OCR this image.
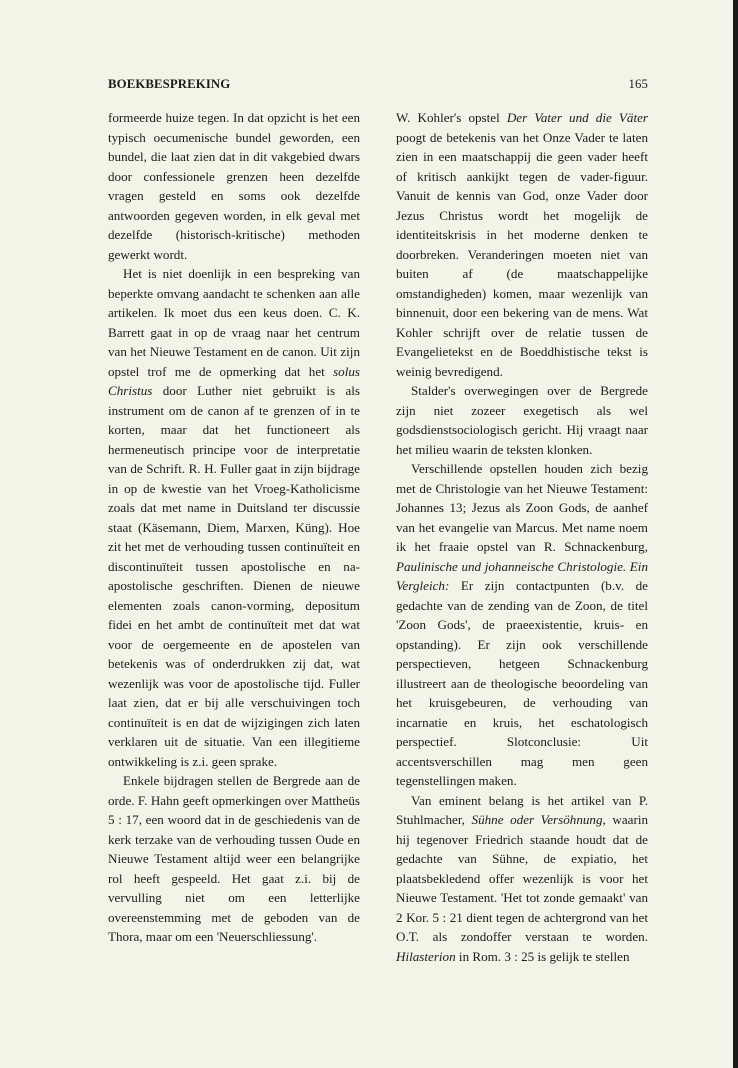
BOEKBESPREKING	165

formeerde huize tegen. In dat opzicht is het een typisch oecumenische bundel geworden, een bundel, die laat zien dat in dit vakgebied dwars door confessionele grenzen heen dezelfde vragen gesteld en soms ook dezelfde antwoorden gegeven worden, in elk geval met dezelfde (historisch-kritische) methoden gewerkt wordt.

Het is niet doenlijk in een bespreking van beperkte omvang aandacht te schenken aan alle artikelen. Ik moet dus een keus doen. C. K. Barrett gaat in op de vraag naar het centrum van het Nieuwe Testament en de canon. Uit zijn opstel trof me de opmerking dat het solus Christus door Luther niet gebruikt is als instrument om de canon af te grenzen of in te korten, maar dat het functioneert als hermeneutisch principe voor de interpretatie van de Schrift. R. H. Fuller gaat in zijn bijdrage in op de kwestie van het Vroeg-Katholicisme zoals dat met name in Duitsland ter discussie staat (Käsemann, Diem, Marxen, Küng). Hoe zit het met de verhouding tussen continuïteit en discontinuïteit tussen apostolische en na-apostolische geschriften. Dienen de nieuwe elementen zoals canon-vorming, depositum fidei en het ambt de continuïteit met dat wat voor de oergemeente en de apostelen van betekenis was of onderdrukken zij dat, wat wezenlijk was voor de apostolische tijd. Fuller laat zien, dat er bij alle verschuivingen toch continuïteit is en dat de wijzigingen zich laten verklaren uit de situatie. Van een illegitieme ontwikkeling is z.i. geen sprake.

Enkele bijdragen stellen de Bergrede aan de orde. F. Hahn geeft opmerkingen over Mattheüs 5 : 17, een woord dat in de geschiedenis van de kerk terzake van de verhouding tussen Oude en Nieuwe Testament altijd weer een belangrijke rol heeft gespeeld. Het gaat z.i. bij de vervulling niet om een letterlijke overeenstemming met de geboden van de Thora, maar om een 'Neuerschliessung'.

W. Kohler's opstel Der Vater und die Väter poogt de betekenis van het Onze Vader te laten zien in een maatschappij die geen vader heeft of kritisch aankijkt tegen de vader-figuur. Vanuit de kennis van God, onze Vader door Jezus Christus wordt het mogelijk de identiteitskrisis in het moderne denken te doorbreken. Veranderingen moeten niet van buiten af (de maatschappelijke omstandigheden) komen, maar wezenlijk van binnenuit, door een bekering van de mens. Wat Kohler schrijft over de relatie tussen de Evangelietekst en de Boeddhistische tekst is weinig bevredigend.

Stalder's overwegingen over de Bergrede zijn niet zozeer exegetisch als wel godsdienstsociologisch gericht. Hij vraagt naar het milieu waarin de teksten klonken.

Verschillende opstellen houden zich bezig met de Christologie van het Nieuwe Testament: Johannes 13; Jezus als Zoon Gods, de aanhef van het evangelie van Marcus. Met name noem ik het fraaie opstel van R. Schnackenburg, Paulinische und johanneische Christologie. Ein Vergleich: Er zijn contactpunten (b.v. de gedachte van de zending van de Zoon, de titel 'Zoon Gods', de praeexistentie, kruis- en opstanding). Er zijn ook verschillende perspectieven, hetgeen Schnackenburg illustreert aan de theologische beoordeling van het kruisgebeuren, de verhouding van incarnatie en kruis, het eschatologisch perspectief. Slotconclusie: Uit accentsverschillen mag men geen tegenstellingen maken.

Van eminent belang is het artikel van P. Stuhlmacher, Sühne oder Versöhnung, waarin hij tegenover Friedrich staande houdt dat de gedachte van Sühne, de expiatio, het plaatsbekledend offer wezenlijk is voor het Nieuwe Testament. 'Het tot zonde gemaakt' van 2 Kor. 5 : 21 dient tegen de achtergrond van het O.T. als zondoffer verstaan te worden. Hilasterion in Rom. 3 : 25 is gelijk te stellen
